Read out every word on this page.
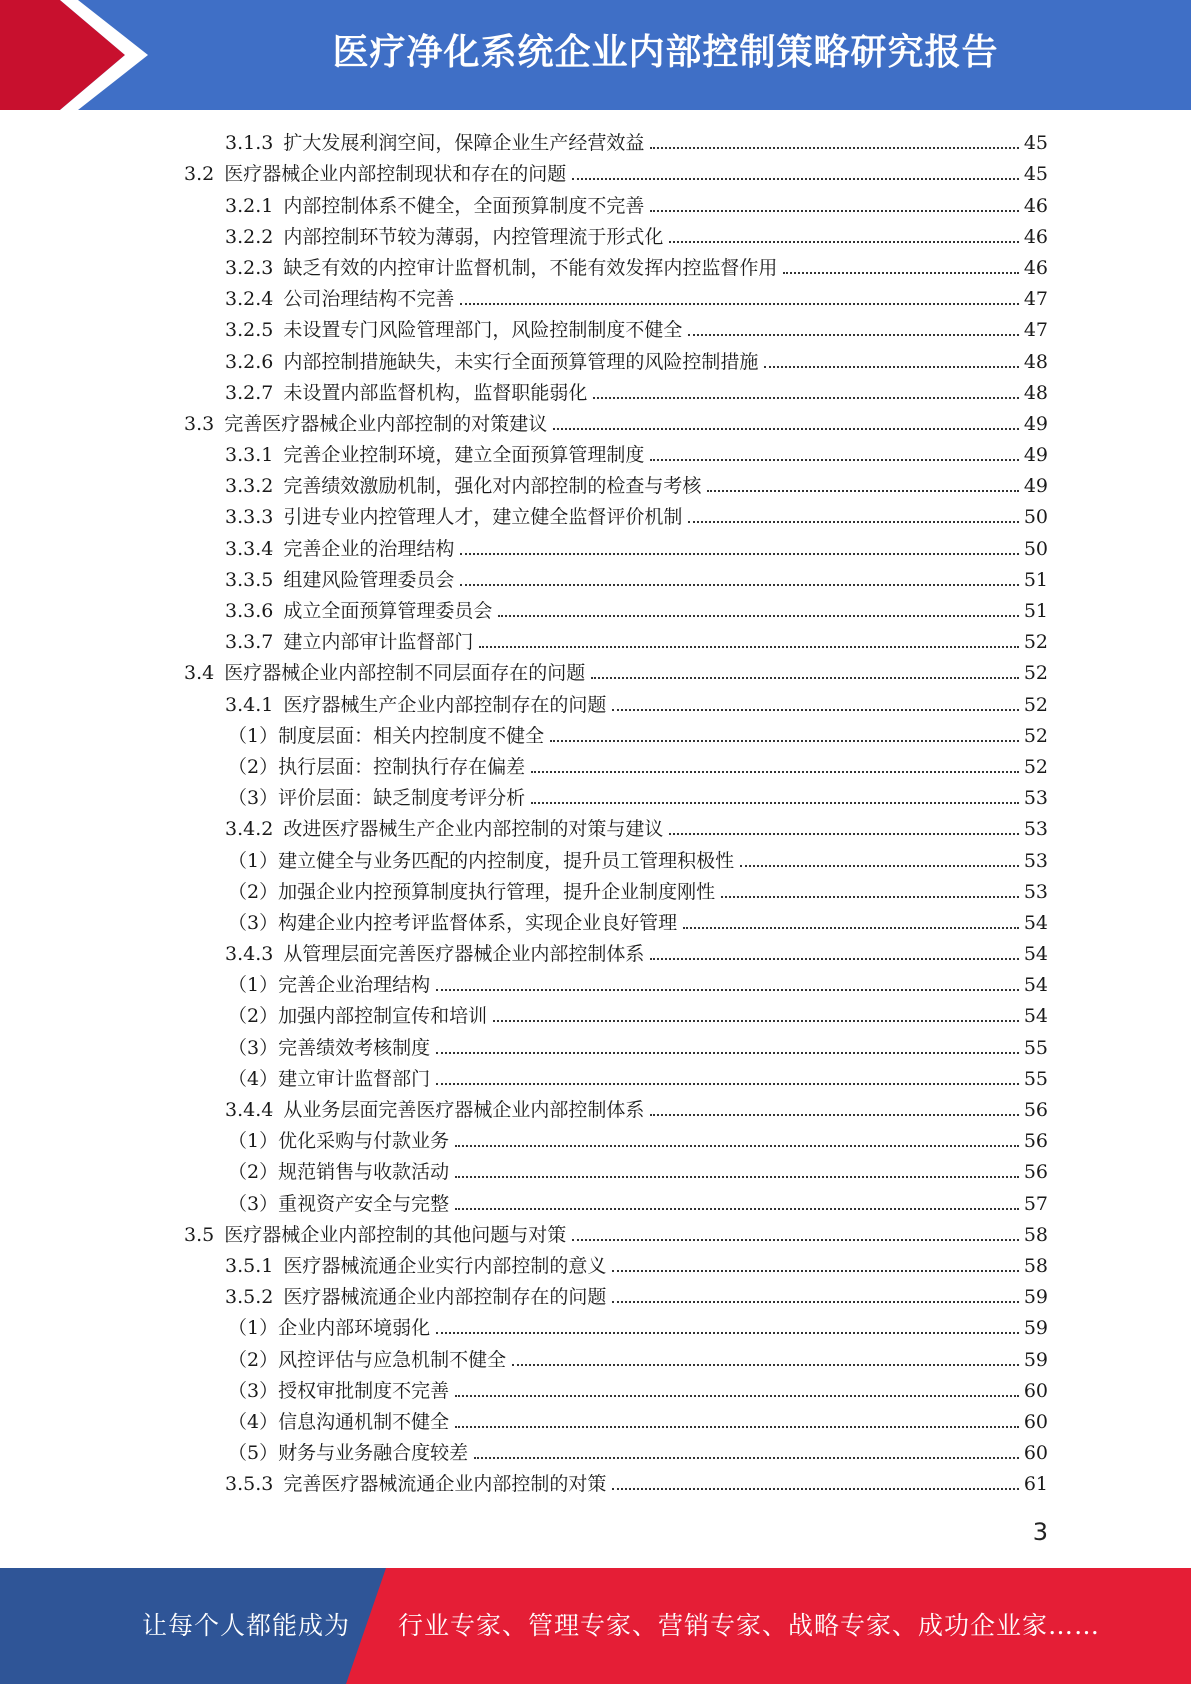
医疗净化系统企业内部控制策略研究报告
3.1.3 扩大发展利润空间，保障企业生产经营效益	45
3.2 医疗器械企业内部控制现状和存在的问题	45
3.2.1 内部控制体系不健全，全面预算制度不完善	46
3.2.2 内部控制环节较为薄弱，内控管理流于形式化	46
3.2.3 缺乏有效的内控审计监督机制，不能有效发挥内控监督作用	46
3.2.4 公司治理结构不完善	47
3.2.5 未设置专门风险管理部门，风险控制制度不健全	47
3.2.6 内部控制措施缺失，未实行全面预算管理的风险控制措施	48
3.2.7 未设置内部监督机构，监督职能弱化	48
3.3 完善医疗器械企业内部控制的对策建议	49
3.3.1 完善企业控制环境，建立全面预算管理制度	49
3.3.2 完善绩效激励机制，强化对内部控制的检查与考核	49
3.3.3 引进专业内控管理人才，建立健全监督评价机制	50
3.3.4 完善企业的治理结构	50
3.3.5 组建风险管理委员会	51
3.3.6 成立全面预算管理委员会	51
3.3.7 建立内部审计监督部门	52
3.4 医疗器械企业内部控制不同层面存在的问题	52
3.4.1 医疗器械生产企业内部控制存在的问题	52
（1）制度层面：相关内控制度不健全	52
（2）执行层面：控制执行存在偏差	52
（3）评价层面：缺乏制度考评分析	53
3.4.2 改进医疗器械生产企业内部控制的对策与建议	53
（1）建立健全与业务匹配的内控制度，提升员工管理积极性	53
（2）加强企业内控预算制度执行管理，提升企业制度刚性	53
（3）构建企业内控考评监督体系，实现企业良好管理	54
3.4.3 从管理层面完善医疗器械企业内部控制体系	54
（1）完善企业治理结构	54
（2）加强内部控制宣传和培训	54
（3）完善绩效考核制度	55
（4）建立审计监督部门	55
3.4.4 从业务层面完善医疗器械企业内部控制体系	56
（1）优化采购与付款业务	56
（2）规范销售与收款活动	56
（3）重视资产安全与完整	57
3.5 医疗器械企业内部控制的其他问题与对策	58
3.5.1 医疗器械流通企业实行内部控制的意义	58
3.5.2 医疗器械流通企业内部控制存在的问题	59
（1）企业内部环境弱化	59
（2）风控评估与应急机制不健全	59
（3）授权审批制度不完善	60
（4）信息沟通机制不健全	60
（5）财务与业务融合度较差	60
3.5.3 完善医疗器械流通企业内部控制的对策	61
3
让每个人都能成为 行业专家、管理专家、营销专家、战略专家、成功企业家……
